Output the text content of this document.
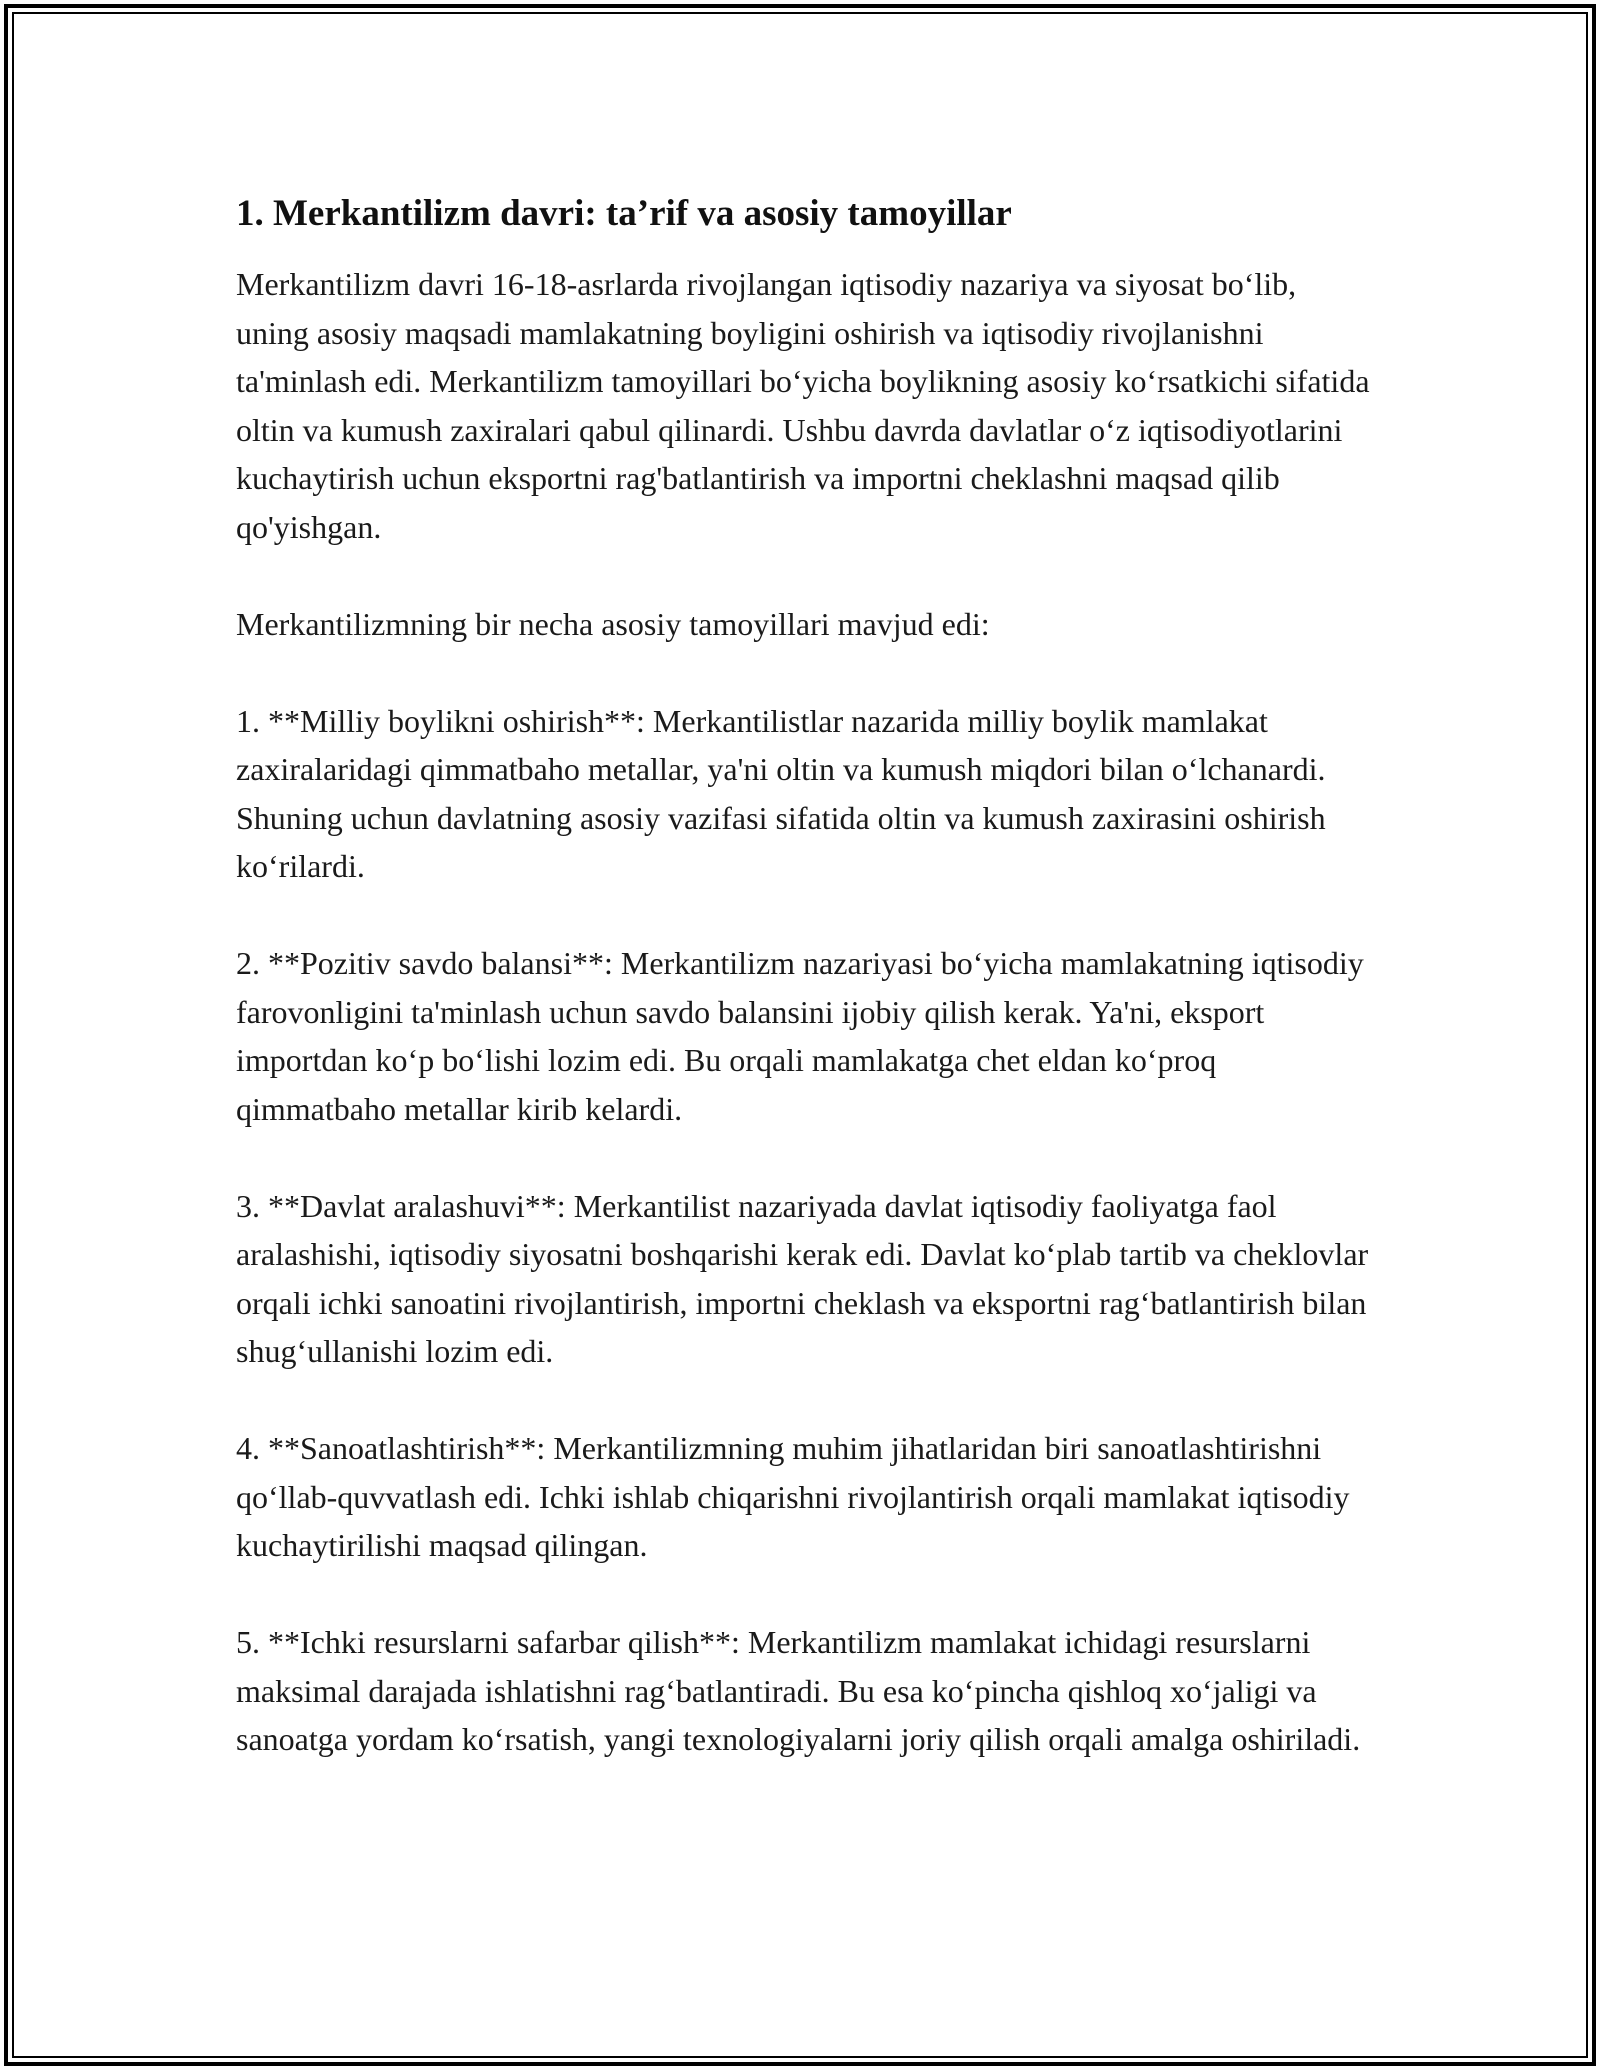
1. Merkantilizm davri: ta’rif va asosiy tamoyillar

Merkantilizm davri 16-18-asrlarda rivojlangan iqtisodiy nazariya va siyosat bo‘lib, uning asosiy maqsadi mamlakatning boyligini oshirish va iqtisodiy rivojlanishni ta'minlash edi. Merkantilizm tamoyillari bo‘yicha boylikning asosiy ko‘rsatkichi sifatida oltin va kumush zaxiralari qabul qilinardi. Ushbu davrda davlatlar o‘z iqtisodiyotlarini kuchaytirish uchun eksportni rag'batlantirish va importni cheklashni maqsad qilib qo'yishgan.

Merkantilizmning bir necha asosiy tamoyillari mavjud edi:

1. **Milliy boylikni oshirish**: Merkantilistlar nazarida milliy boylik mamlakat zaxiralaridagi qimmatbaho metallar, ya'ni oltin va kumush miqdori bilan o‘lchanardi. Shuning uchun davlatning asosiy vazifasi sifatida oltin va kumush zaxirasini oshirish ko‘rilardi.

2. **Pozitiv savdo balansi**: Merkantilizm nazariyasi bo‘yicha mamlakatning iqtisodiy farovonligini ta'minlash uchun savdo balansini ijobiy qilish kerak. Ya'ni, eksport importdan ko‘p bo‘lishi lozim edi. Bu orqali mamlakatga chet eldan ko‘proq qimmatbaho metallar kirib kelardi.

3. **Davlat aralashuvi**: Merkantilist nazariyada davlat iqtisodiy faoliyatga faol aralashishi, iqtisodiy siyosatni boshqarishi kerak edi. Davlat ko‘plab tartib va cheklovlar orqali ichki sanoatini rivojlantirish, importni cheklash va eksportni rag‘batlantirish bilan shug‘ullanishi lozim edi.

4. **Sanoatlashtirish**: Merkantilizmning muhim jihatlaridan biri sanoatlashtirishni qo‘llab-quvvatlash edi. Ichki ishlab chiqarishni rivojlantirish orqali mamlakat iqtisodiy kuchaytirilishi maqsad qilingan.

5. **Ichki resurslarni safarbar qilish**: Merkantilizm mamlakat ichidagi resurslarni maksimal darajada ishlatishni rag‘batlantiradi. Bu esa ko‘pincha qishloq xo‘jaligi va sanoatga yordam ko‘rsatish, yangi texnologiyalarni joriy qilish orqali amalga oshiriladi.
